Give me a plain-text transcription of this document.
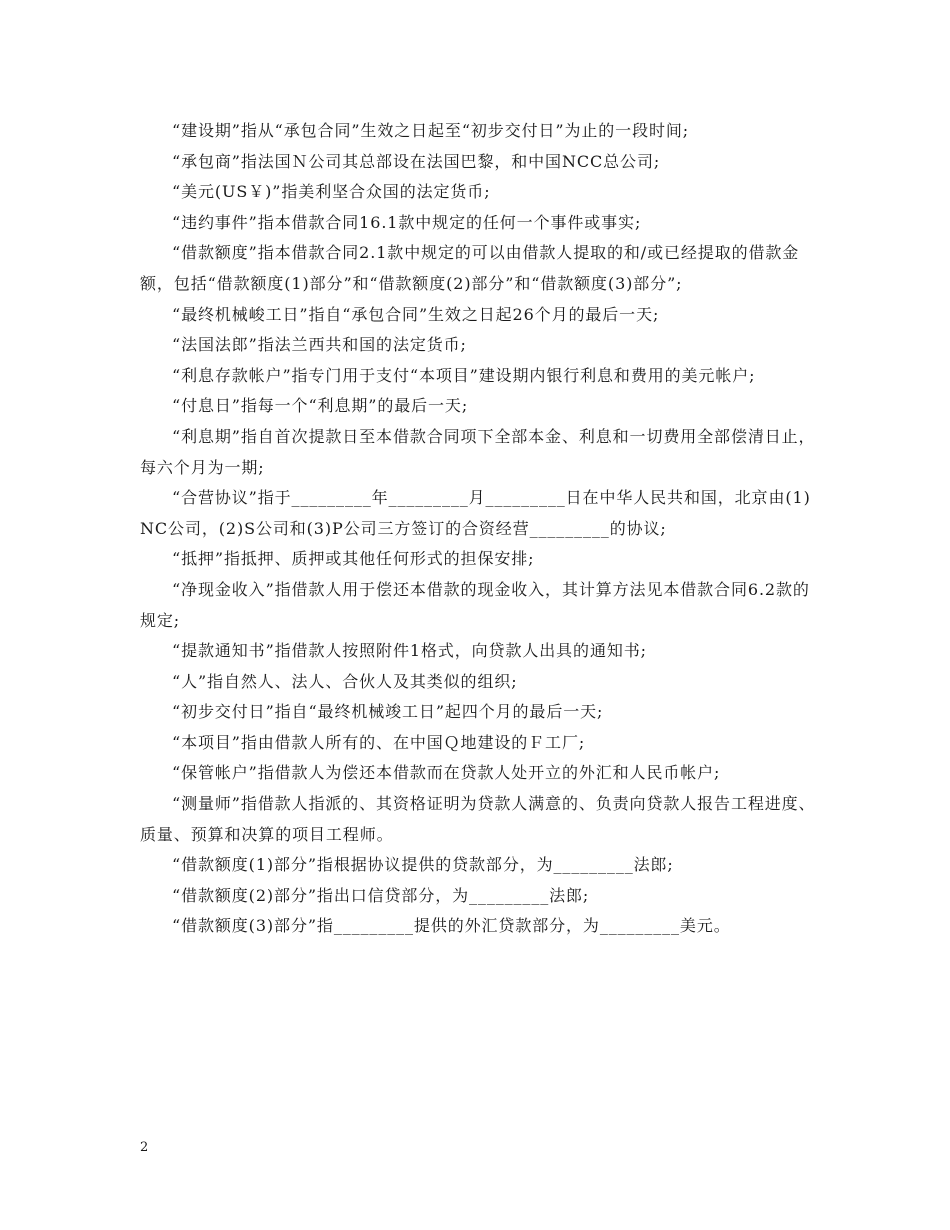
“建设期”指从“承包合同”生效之日起至“初步交付日”为止的一段时间;

“承包商”指法国Ｎ公司其总部设在法国巴黎，和中国NCC总公司;

“美元(US￥)”指美利坚合众国的法定货币;

“违约事件”指本借款合同16.1款中规定的任何一个事件或事实;

“借款额度”指本借款合同2.1款中规定的可以由借款人提取的和/或已经提取的借款金额，包括“借款额度(1)部分”和“借款额度(2)部分”和“借款额度(3)部分”;

“最终机械峻工日”指自“承包合同”生效之日起26个月的最后一天;

“法国法郎”指法兰西共和国的法定货币;

“利息存款帐户”指专门用于支付“本项目”建设期内银行利息和费用的美元帐户;

“付息日”指每一个“利息期”的最后一天;

“利息期”指自首次提款日至本借款合同项下全部本金、利息和一切费用全部偿清日止，每六个月为一期;

“合营协议”指于_________年_________月_________日在中华人民共和国，北京由(1)NC公司，(2)S公司和(3)P公司三方签订的合资经营_________的协议;

“抵押”指抵押、质押或其他任何形式的担保安排;

“净现金收入”指借款人用于偿还本借款的现金收入，其计算方法见本借款合同6.2款的规定;

“提款通知书”指借款人按照附件1格式，向贷款人出具的通知书;

“人”指自然人、法人、合伙人及其类似的组织;

“初步交付日”指自“最终机械竣工日”起四个月的最后一天;

“本项目”指由借款人所有的、在中国Ｑ地建设的Ｆ工厂;

“保管帐户”指借款人为偿还本借款而在贷款人处开立的外汇和人民币帐户;

“测量师”指借款人指派的、其资格证明为贷款人满意的、负责向贷款人报告工程进度、质量、预算和决算的项目工程师。

“借款额度(1)部分”指根据协议提供的贷款部分，为_________法郎;

“借款额度(2)部分”指出口信贷部分，为_________法郎;

“借款额度(3)部分”指_________提供的外汇贷款部分，为_________美元。

2
